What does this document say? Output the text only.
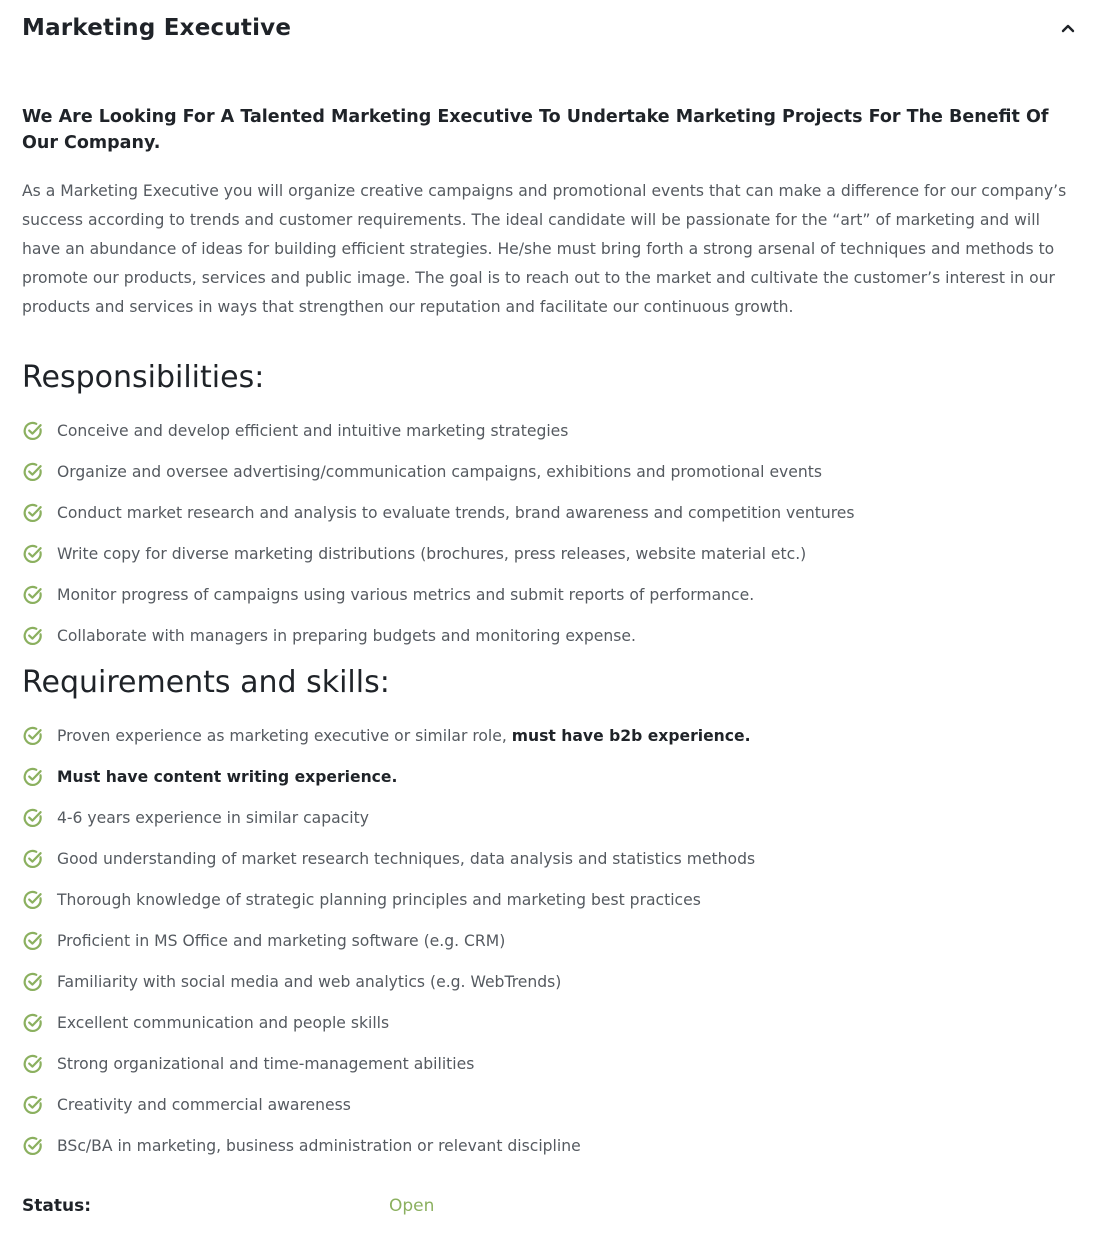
Marketing Executive
We Are Looking For A Talented Marketing Executive To Undertake Marketing Projects For The Benefit Of Our Company.

As a Marketing Executive you will organize creative campaigns and promotional events that can make a difference for our company’s success according to trends and customer requirements. The ideal candidate will be passionate for the “art” of marketing and will have an abundance of ideas for building efficient strategies. He/she must bring forth a strong arsenal of techniques and methods to promote our products, services and public image. The goal is to reach out to the market and cultivate the customer’s interest in our products and services in ways that strengthen our reputation and facilitate our continuous growth.

Responsibilities:
Conceive and develop efficient and intuitive marketing strategies
Organize and oversee advertising/communication campaigns, exhibitions and promotional events
Conduct market research and analysis to evaluate trends, brand awareness and competition ventures
Write copy for diverse marketing distributions (brochures, press releases, website material etc.)
Monitor progress of campaigns using various metrics and submit reports of performance.
Collaborate with managers in preparing budgets and monitoring expense.
Requirements and skills:
Proven experience as marketing executive or similar role, must have b2b experience.
Must have content writing experience.
4-6 years experience in similar capacity
Good understanding of market research techniques, data analysis and statistics methods
Thorough knowledge of strategic planning principles and marketing best practices
Proficient in MS Office and marketing software (e.g. CRM)
Familiarity with social media and web analytics (e.g. WebTrends)
Excellent communication and people skills
Strong organizational and time-management abilities
Creativity and commercial awareness
BSc/BA in marketing, business administration or relevant discipline
Status:	Open
